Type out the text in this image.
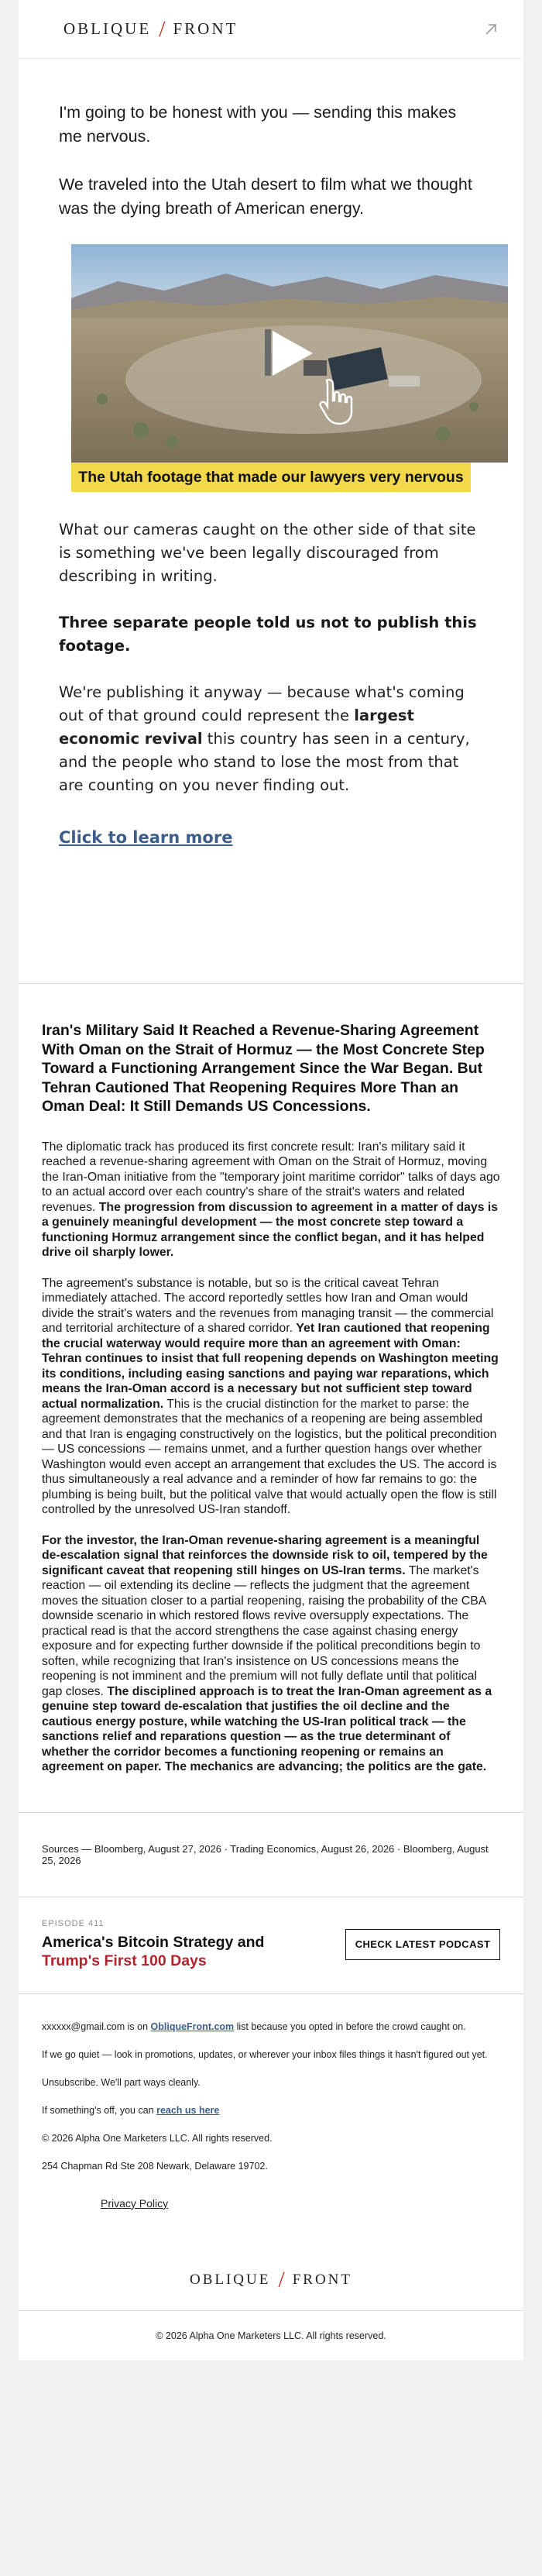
OBLIQUE / FRONT

I'm going to be honest with you — sending this makes me nervous.

We traveled into the Utah desert to film what we thought was the dying breath of American energy.

The Utah footage that made our lawyers very nervous

What our cameras caught on the other side of that site is something we've been legally discouraged from describing in writing.

Three separate people told us not to publish this footage.

We're publishing it anyway — because what's coming out of that ground could represent the largest economic revival this country has seen in a century, and the people who stand to lose the most from that are counting on you never finding out.

Click to learn more
Iran's Military Said It Reached a Revenue-Sharing Agreement With Oman on the Strait of Hormuz — the Most Concrete Step Toward a Functioning Arrangement Since the War Began. But Tehran Cautioned That Reopening Requires More Than an Oman Deal: It Still Demands US Concessions.

The diplomatic track has produced its first concrete result: Iran's military said it reached a revenue-sharing agreement with Oman on the Strait of Hormuz, moving the Iran-Oman initiative from the "temporary joint maritime corridor" talks of days ago to an actual accord over each country's share of the strait's waters and related revenues. The progression from discussion to agreement in a matter of days is a genuinely meaningful development — the most concrete step toward a functioning Hormuz arrangement since the conflict began, and it has helped drive oil sharply lower.

The agreement's substance is notable, but so is the critical caveat Tehran immediately attached. The accord reportedly settles how Iran and Oman would divide the strait's waters and the revenues from managing transit — the commercial and territorial architecture of a shared corridor. Yet Iran cautioned that reopening the crucial waterway would require more than an agreement with Oman: Tehran continues to insist that full reopening depends on Washington meeting its conditions, including easing sanctions and paying war reparations, which means the Iran-Oman accord is a necessary but not sufficient step toward actual normalization. This is the crucial distinction for the market to parse: the agreement demonstrates that the mechanics of a reopening are being assembled and that Iran is engaging constructively on the logistics, but the political precondition — US concessions — remains unmet, and a further question hangs over whether Washington would even accept an arrangement that excludes the US. The accord is thus simultaneously a real advance and a reminder of how far remains to go: the plumbing is being built, but the political valve that would actually open the flow is still controlled by the unresolved US-Iran standoff.

For the investor, the Iran-Oman revenue-sharing agreement is a meaningful de-escalation signal that reinforces the downside risk to oil, tempered by the significant caveat that reopening still hinges on US-Iran terms. The market's reaction — oil extending its decline — reflects the judgment that the agreement moves the situation closer to a partial reopening, raising the probability of the CBA downside scenario in which restored flows revive oversupply expectations. The practical read is that the accord strengthens the case against chasing energy exposure and for expecting further downside if the political preconditions begin to soften, while recognizing that Iran's insistence on US concessions means the reopening is not imminent and the premium will not fully deflate until that political gap closes. The disciplined approach is to treat the Iran-Oman agreement as a genuine step toward de-escalation that justifies the oil decline and the cautious energy posture, while watching the US-Iran political track — the sanctions relief and reparations question — as the true determinant of whether the corridor becomes a functioning reopening or remains an agreement on paper. The mechanics are advancing; the politics are the gate.

Sources — Bloomberg, August 27, 2026 · Trading Economics, August 26, 2026 · Bloomberg, August 25, 2026
EPISODE 411
America's Bitcoin Strategy and
Trump's First 100 Days
CHECK LATEST PODCAST

xxxxxx@gmail.com is on ObliqueFront.com list because you opted in before the crowd caught on.

If we go quiet — look in promotions, updates, or wherever your inbox files things it hasn't figured out yet.

Unsubscribe. We'll part ways cleanly.

If something's off, you can reach us here

© 2026 Alpha One Marketers LLC. All rights reserved.

254 Chapman Rd Ste 208 Newark, Delaware 19702.

Privacy Policy
OBLIQUE / FRONT
© 2026 Alpha One Marketers LLC. All rights reserved.
